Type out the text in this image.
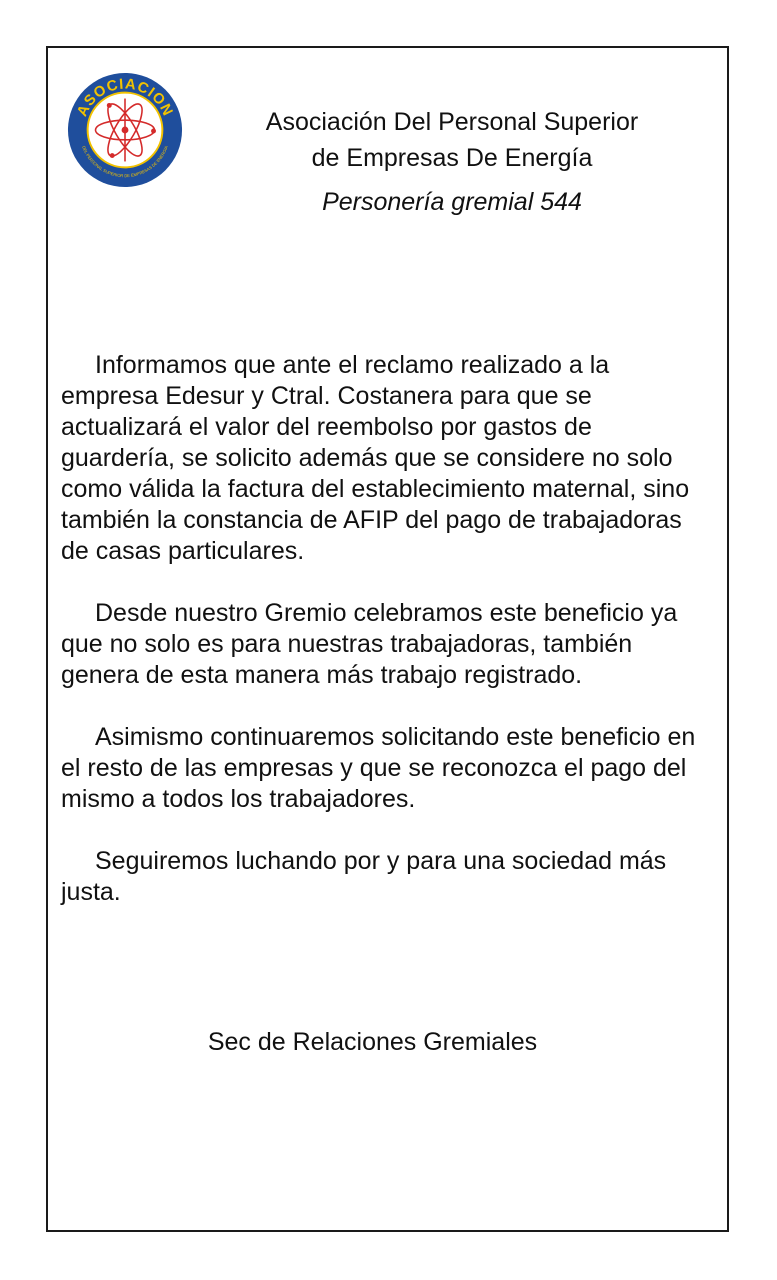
ASOCIACION
DEL PERSONAL SUPERIOR DE EMPRESAS DE ENERGIA
Asociación Del Personal Superior
de Empresas De Energía
Personería gremial 544

Informamos que ante el reclamo realizado a la empresa Edesur y Ctral. Costanera para que se actualizará el valor del reembolso por gastos de guardería, se solicito además que se considere no solo como válida la factura del establecimiento maternal, sino también la constancia de AFIP del pago de trabajadoras de casas particulares.

Desde nuestro Gremio celebramos este beneficio ya que no solo es para nuestras trabajadoras, también genera de esta manera más trabajo registrado.

Asimismo continuaremos solicitando este beneficio en el resto de las empresas y que se reconozca el pago del mismo a todos los trabajadores.

Seguiremos luchando por y para una sociedad más justa.

Sec de Relaciones Gremiales
